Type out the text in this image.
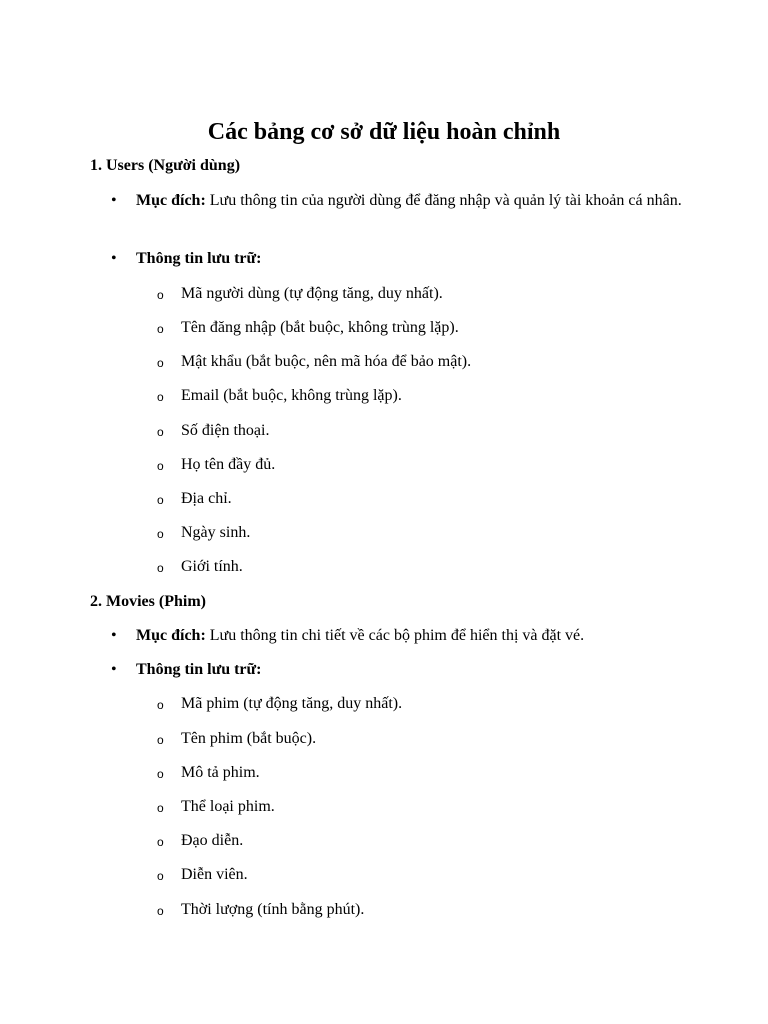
Các bảng cơ sở dữ liệu hoàn chỉnh
1. Users (Người dùng)
• Mục đích: Lưu thông tin của người dùng để đăng nhập và quản lý tài khoản cá nhân.
• Thông tin lưu trữ:
o Mã người dùng (tự động tăng, duy nhất).
o Tên đăng nhập (bắt buộc, không trùng lặp).
o Mật khẩu (bắt buộc, nên mã hóa để bảo mật).
o Email (bắt buộc, không trùng lặp).
o Số điện thoại.
o Họ tên đầy đủ.
o Địa chỉ.
o Ngày sinh.
o Giới tính.
2. Movies (Phim)
• Mục đích: Lưu thông tin chi tiết về các bộ phim để hiển thị và đặt vé.
• Thông tin lưu trữ:
o Mã phim (tự động tăng, duy nhất).
o Tên phim (bắt buộc).
o Mô tả phim.
o Thể loại phim.
o Đạo diễn.
o Diễn viên.
o Thời lượng (tính bằng phút).
